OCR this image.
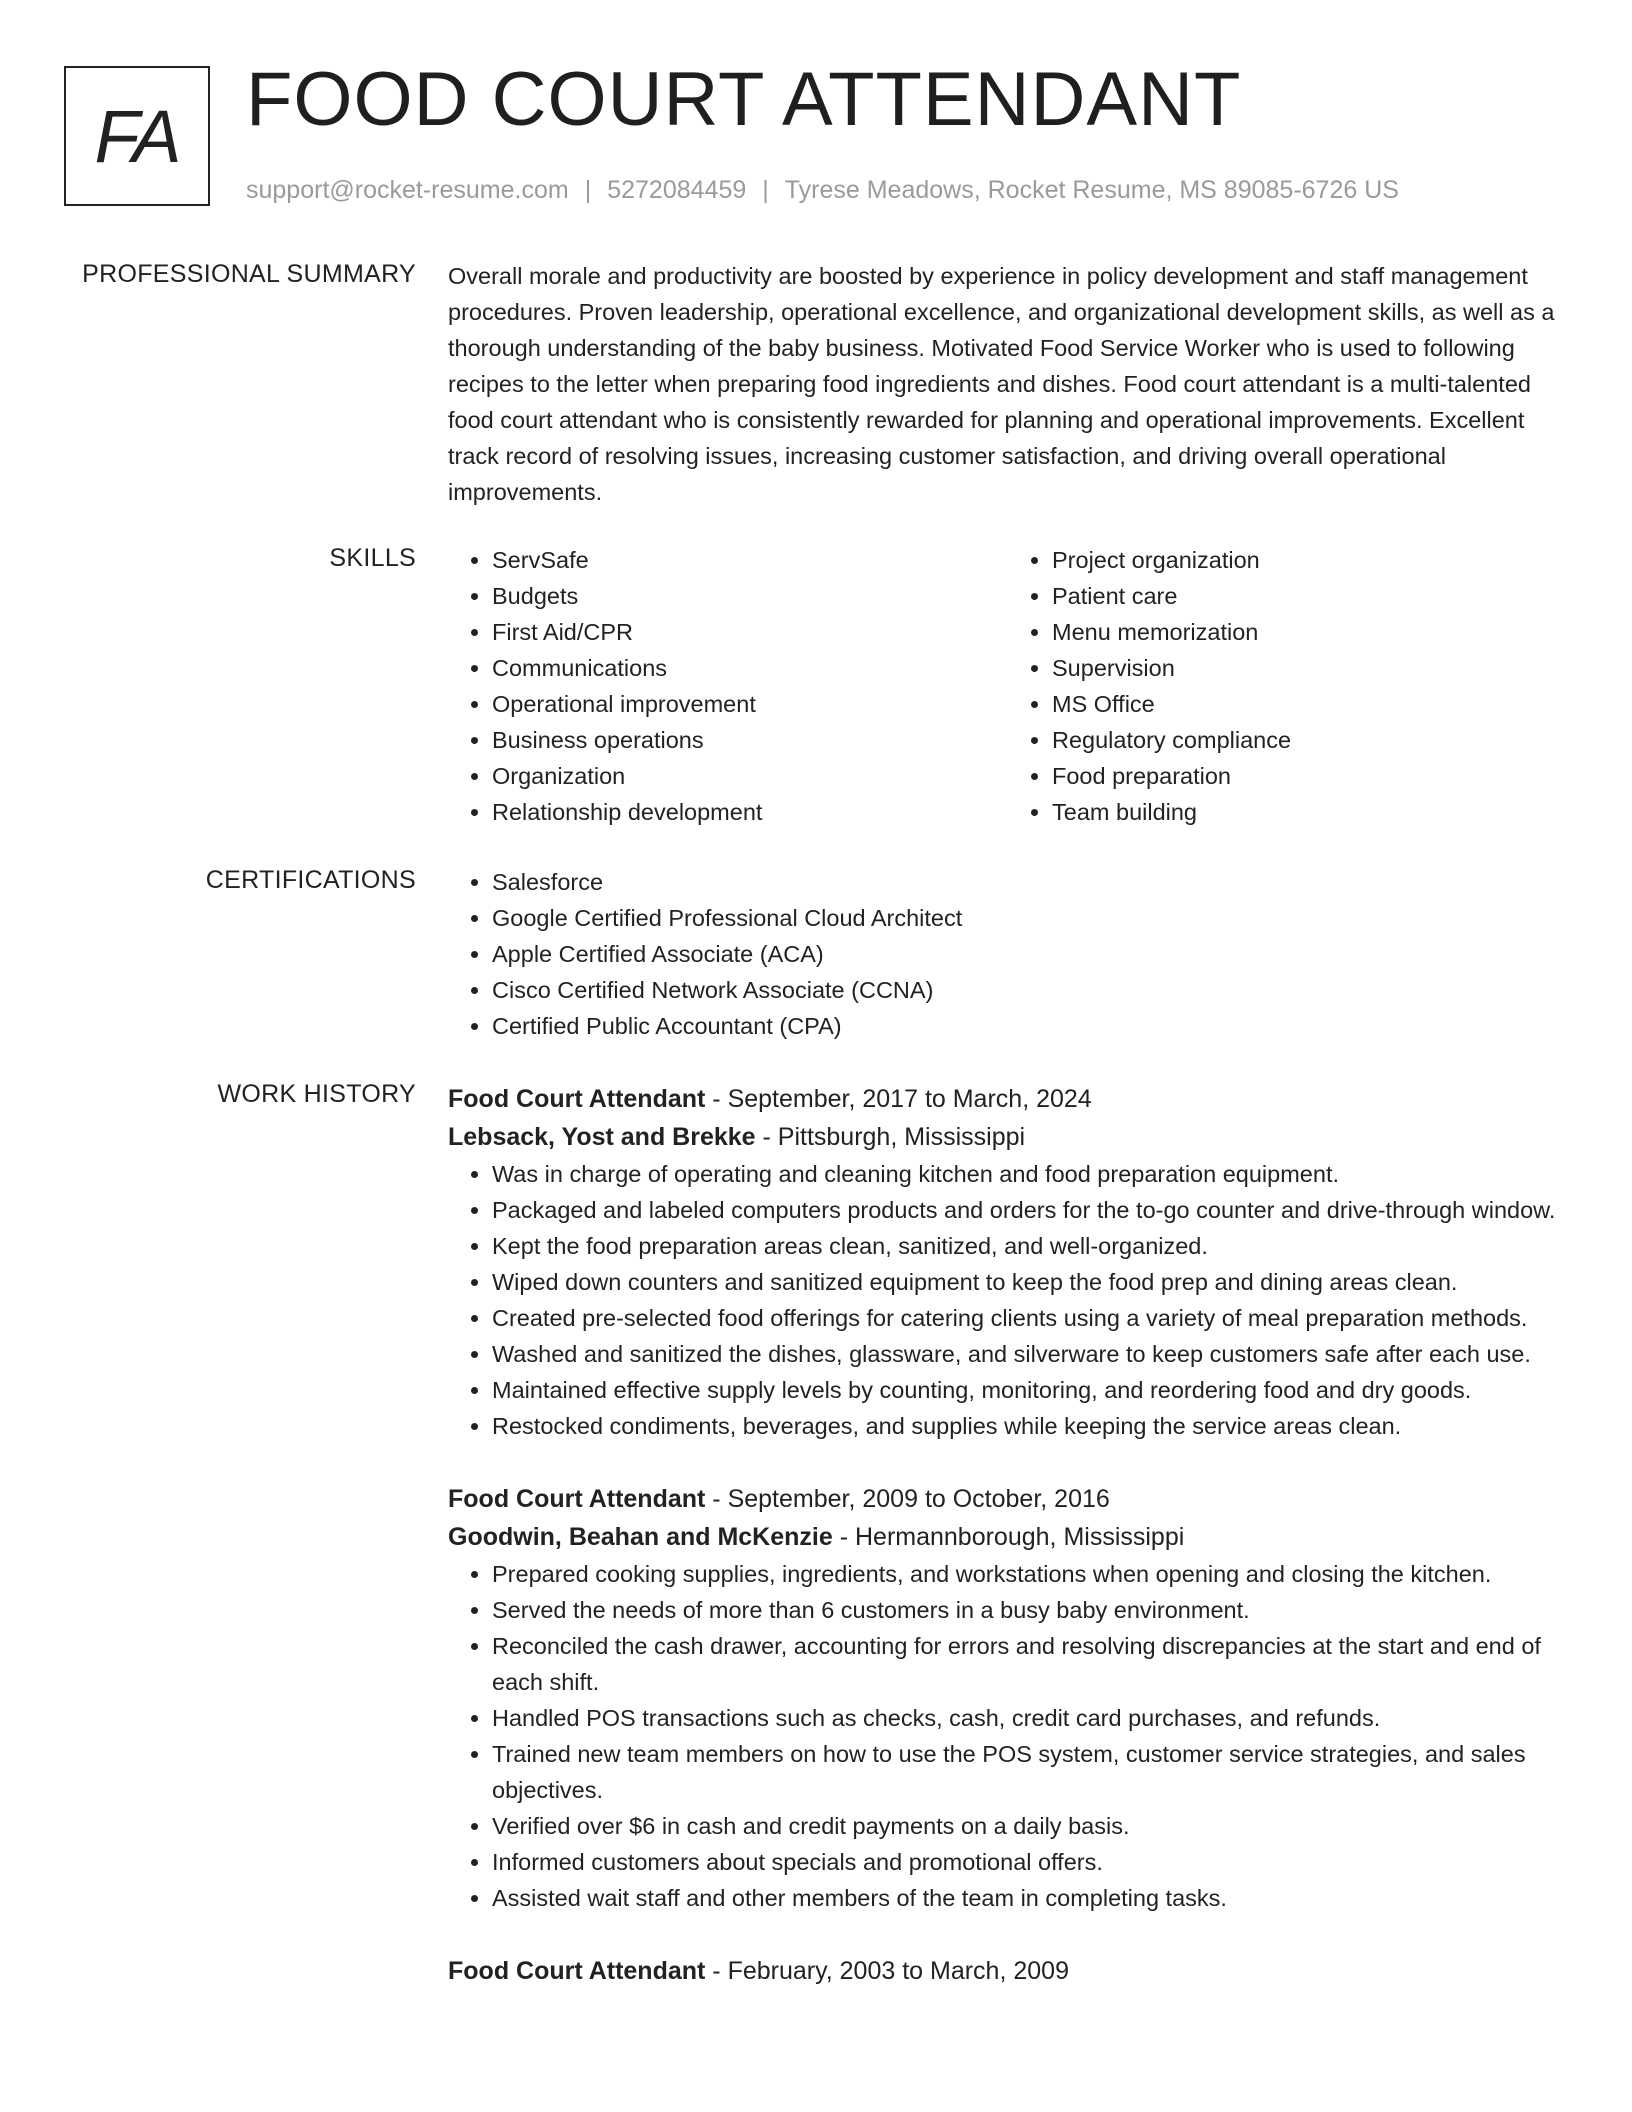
FA FOOD COURT ATTENDANT
support@rocket-resume.com | 5272084459 | Tyrese Meadows, Rocket Resume, MS 89085-6726 US
PROFESSIONAL SUMMARY Overall morale and productivity are boosted by experience in policy development and staff management procedures. Proven leadership, operational excellence, and organizational development skills, as well as a thorough understanding of the baby business. Motivated Food Service Worker who is used to following recipes to the letter when preparing food ingredients and dishes. Food court attendant is a multi-talented food court attendant who is consistently rewarded for planning and operational improvements. Excellent track record of resolving issues, increasing customer satisfaction, and driving overall operational improvements.
SKILLS	• ServSafe
• Budgets
• First Aid/CPR
• Communications
• Operational improvement
• Business operations
• Organization
• Relationship development
• Project organization
• Patient care
• Menu memorization
• Supervision
• MS Office
• Regulatory compliance
• Food preparation
• Team building
CERTIFICATIONS	• Salesforce
• Google Certified Professional Cloud Architect
• Apple Certified Associate (ACA)
• Cisco Certified Network Associate (CCNA)
• Certified Public Accountant (CPA)
WORK HISTORY Food Court Attendant - September, 2017 to March, 2024
Lebsack, Yost and Brekke - Pittsburgh, Mississippi
• Was in charge of operating and cleaning kitchen and food preparation equipment.
• Packaged and labeled computers products and orders for the to-go counter and drive-through window.
• Kept the food preparation areas clean, sanitized, and well-organized.
• Wiped down counters and sanitized equipment to keep the food prep and dining areas clean.
• Created pre-selected food offerings for catering clients using a variety of meal preparation methods.
• Washed and sanitized the dishes, glassware, and silverware to keep customers safe after each use.
• Maintained effective supply levels by counting, monitoring, and reordering food and dry goods.
• Restocked condiments, beverages, and supplies while keeping the service areas clean.
Food Court Attendant - September, 2009 to October, 2016
Goodwin, Beahan and McKenzie - Hermannborough, Mississippi
• Prepared cooking supplies, ingredients, and workstations when opening and closing the kitchen.
• Served the needs of more than 6 customers in a busy baby environment.
• Reconciled the cash drawer, accounting for errors and resolving discrepancies at the start and end of each shift.
• Handled POS transactions such as checks, cash, credit card purchases, and refunds.
• Trained new team members on how to use the POS system, customer service strategies, and sales objectives.
• Verified over $6 in cash and credit payments on a daily basis.
• Informed customers about specials and promotional offers.
• Assisted wait staff and other members of the team in completing tasks.
Food Court Attendant - February, 2003 to March, 2009
